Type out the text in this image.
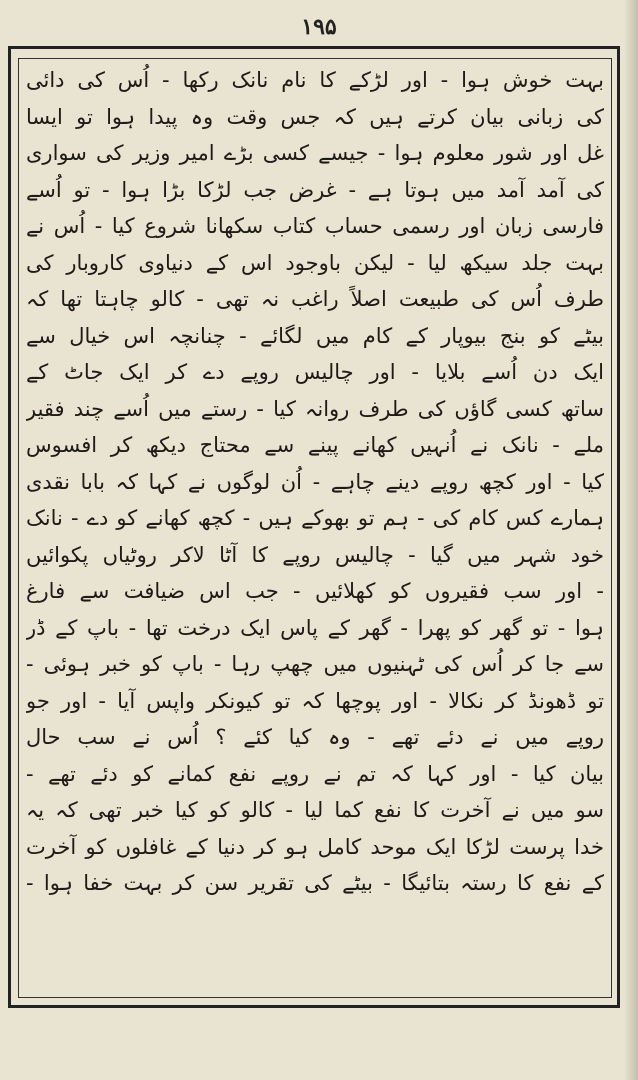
۱۹۵
بہت خوش ہوا - اور لڑکے کا نام نانک رکھا - اُس کی دائی
کی زبانی بیان کرتے ہیں کہ جس وقت وہ پیدا ہوا تو ایسا
غل اور شور معلوم ہوا - جیسے کسی بڑے امیر وزیر کی سواری
کی آمد آمد میں ہوتا ہے - غرض جب لڑکا بڑا ہوا - تو اُسے
فارسی زبان اور رسمی حساب کتاب سکھانا شروع کیا - اُس نے
بہت جلد سیکھ لیا - لیکن باوجود اس کے دنیاوی کاروبار کی
طرف اُس کی طبیعت اصلاً راغب نہ تھی - کالو چاہتا تھا کہ
بیٹے کو بنج بیوپار کے کام میں لگائے - چنانچہ اس خیال سے
ایک دن اُسے بلایا - اور چالیس روپے دے کر ایک جاٹ کے
ساتھ کسی گاؤں کی طرف روانہ کیا - رستے میں اُسے چند فقیر
ملے - نانک نے اُنہیں کھانے پینے سے محتاج دیکھ کر افسوس
کیا - اور کچھ روپے دینے چاہے - اُن لوگوں نے کہا کہ بابا نقدی
ہمارے کس کام کی - ہم تو بھوکے ہیں - کچھ کھانے کو دے - نانک
خود شہر میں گیا - چالیس روپے کا آٹا لاکر روٹیاں پکوائیں
- اور سب فقیروں کو کھلائیں - جب اس ضیافت سے فارغ
ہوا - تو گھر کو پھرا - گھر کے پاس ایک درخت تھا - باپ کے ڈر
سے جا کر اُس کی ٹہنیوں میں چھپ رہا - باپ کو خبر ہوئی -
تو ڈھونڈ کر نکالا - اور پوچھا کہ تو کیونکر واپس آیا - اور جو
روپے میں نے دئے تھے - وہ کیا کئے ؟ اُس نے سب حال
بیان کیا - اور کہا کہ تم نے روپے نفع کمانے کو دئے تھے -
سو میں نے آخرت کا نفع کما لیا - کالو کو کیا خبر تھی کہ یہ
خدا پرست لڑکا ایک موحد کامل ہو کر دنیا کے غافلوں کو آخرت
کے نفع کا رستہ بتائیگا - بیٹے کی تقریر سن کر بہت خفا ہوا -
